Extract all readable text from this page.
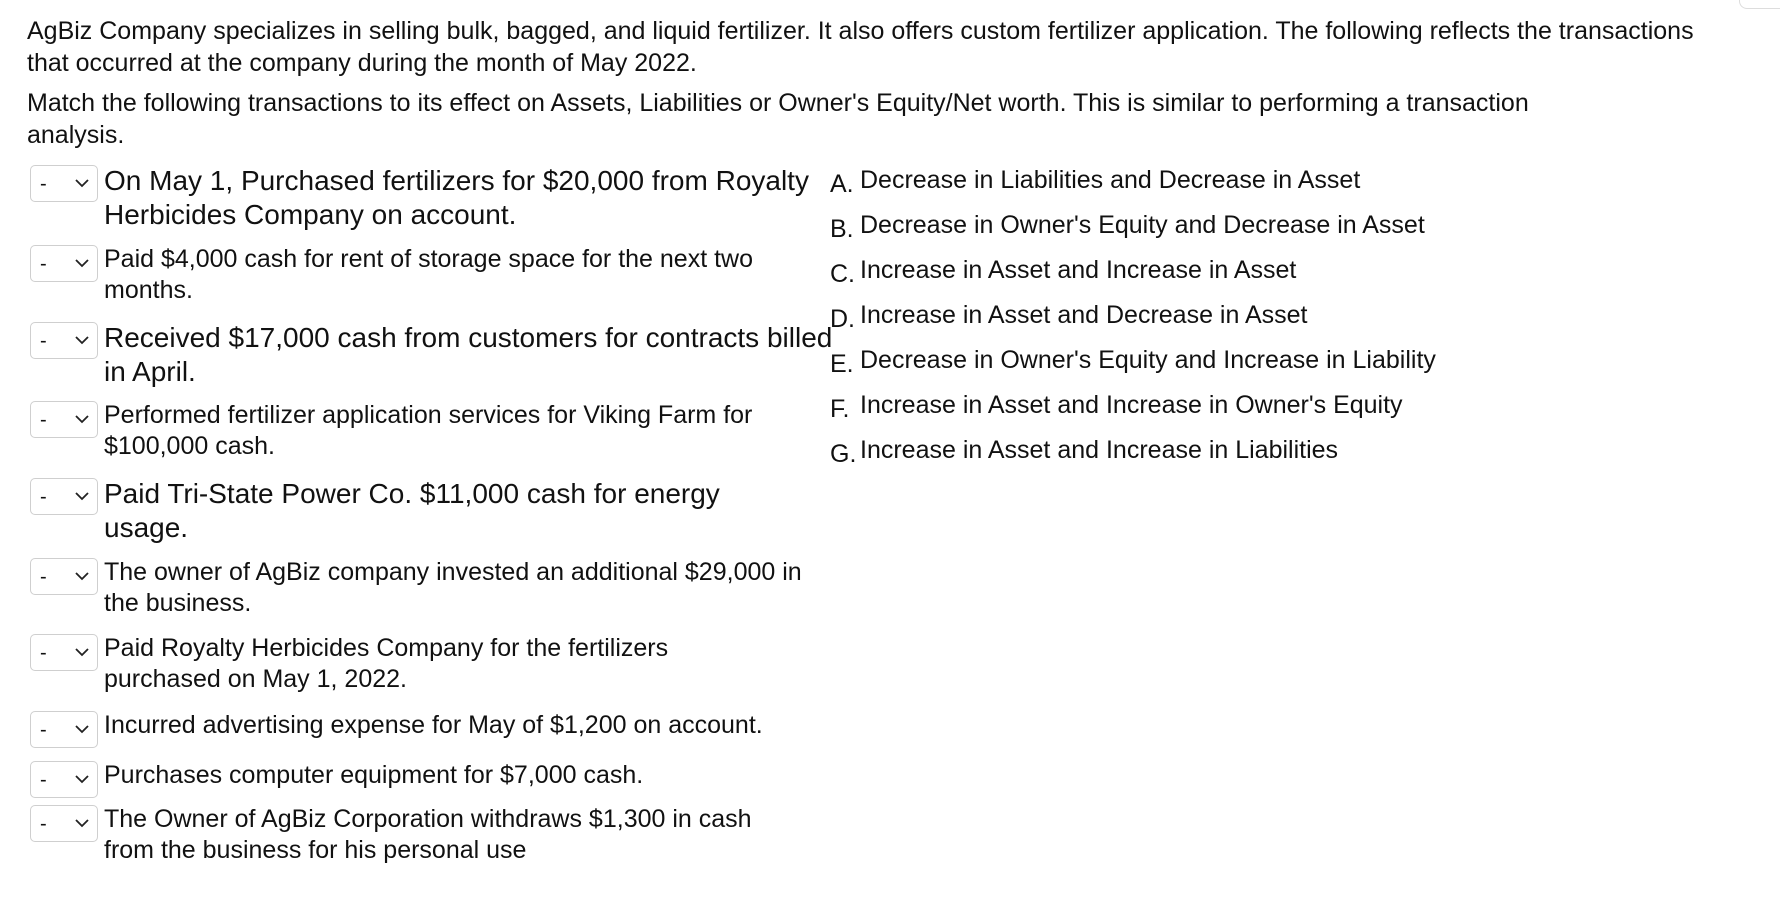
AgBiz Company specializes in selling bulk, bagged, and liquid fertilizer. It also offers custom fertilizer application. The following reflects the transactions that occurred at the company during the month of May 2022.

Match the following transactions to its effect on Assets, Liabilities or Owner's Equity/Net worth. This is similar to performing a transaction analysis.

- On May 1, Purchased fertilizers for $20,000 from Royalty Herbicides Company on account.
- Paid $4,000 cash for rent of storage space for the next two months.
- Received $17,000 cash from customers for contracts billed in April.
- Performed fertilizer application services for Viking Farm for $100,000 cash.
- Paid Tri-State Power Co. $11,000 cash for energy usage.
- The owner of AgBiz company invested an additional $29,000 in the business.
- Paid Royalty Herbicides Company for the fertilizers purchased on May 1, 2022.
- Incurred advertising expense for May of $1,200 on account.
- Purchases computer equipment for $7,000 cash.
- The Owner of AgBiz Corporation withdraws $1,300 in cash from the business for his personal use
A. Decrease in Liabilities and Decrease in Asset
B. Decrease in Owner's Equity and Decrease in Asset
C. Increase in Asset and Increase in Asset
D. Increase in Asset and Decrease in Asset
E. Decrease in Owner's Equity and Increase in Liability
F. Increase in Asset and Increase in Owner's Equity
G. Increase in Asset and Increase in Liabilities
